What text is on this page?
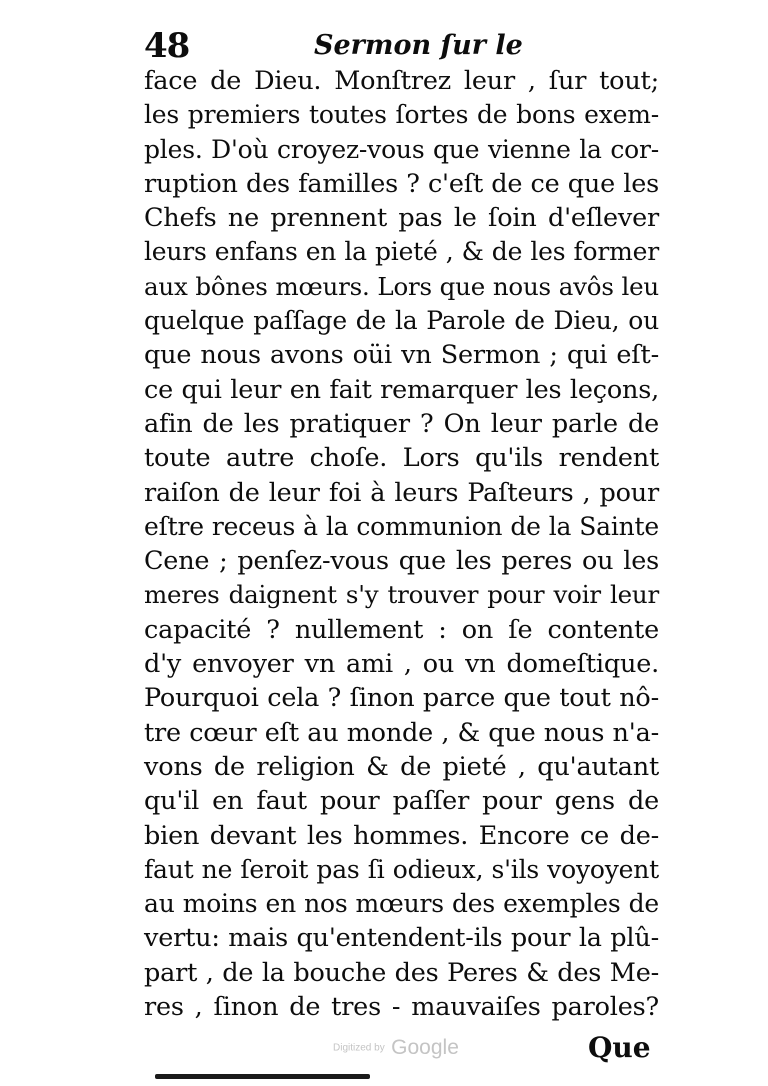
48	Sermon ſur le
face de Dieu. Monſtrez leur , ſur tout;
les premiers toutes ſortes de bons exem-
ples. D'où croyez-vous que vienne la cor-
ruption des familles ? c'eſt de ce que les
Chefs ne prennent pas le ſoin d'eſlever
leurs enfans en la pieté , & de les former
aux bônes mœurs. Lors que nous avôs leu
quelque paſſage de la Parole de Dieu, ou
que nous avons oüi vn Sermon ; qui eſt-
ce qui leur en fait remarquer les leçons,
afin de les pratiquer ? On leur parle de
toute autre choſe. Lors qu'ils rendent
raiſon de leur foi à leurs Paſteurs , pour
eſtre receus à la communion de la Sainte
Cene ; penſez-vous que les peres ou les
meres daignent s'y trouver pour voir leur
capacité ? nullement : on ſe contente
d'y envoyer vn ami , ou vn domeſtique.
Pourquoi cela ? ſinon parce que tout nô-
tre cœur eſt au monde , & que nous n'a-
vons de religion & de pieté , qu'autant
qu'il en faut pour paſſer pour gens de
bien devant les hommes. Encore ce de-
faut ne ſeroit pas ſi odieux, s'ils voyoyent
au moins en nos mœurs des exemples de
vertu: mais qu'entendent-ils pour la plû-
part , de la bouche des Peres & des Me-
res , ſinon de tres - mauvaiſes paroles?
Digitized by Google	Que
